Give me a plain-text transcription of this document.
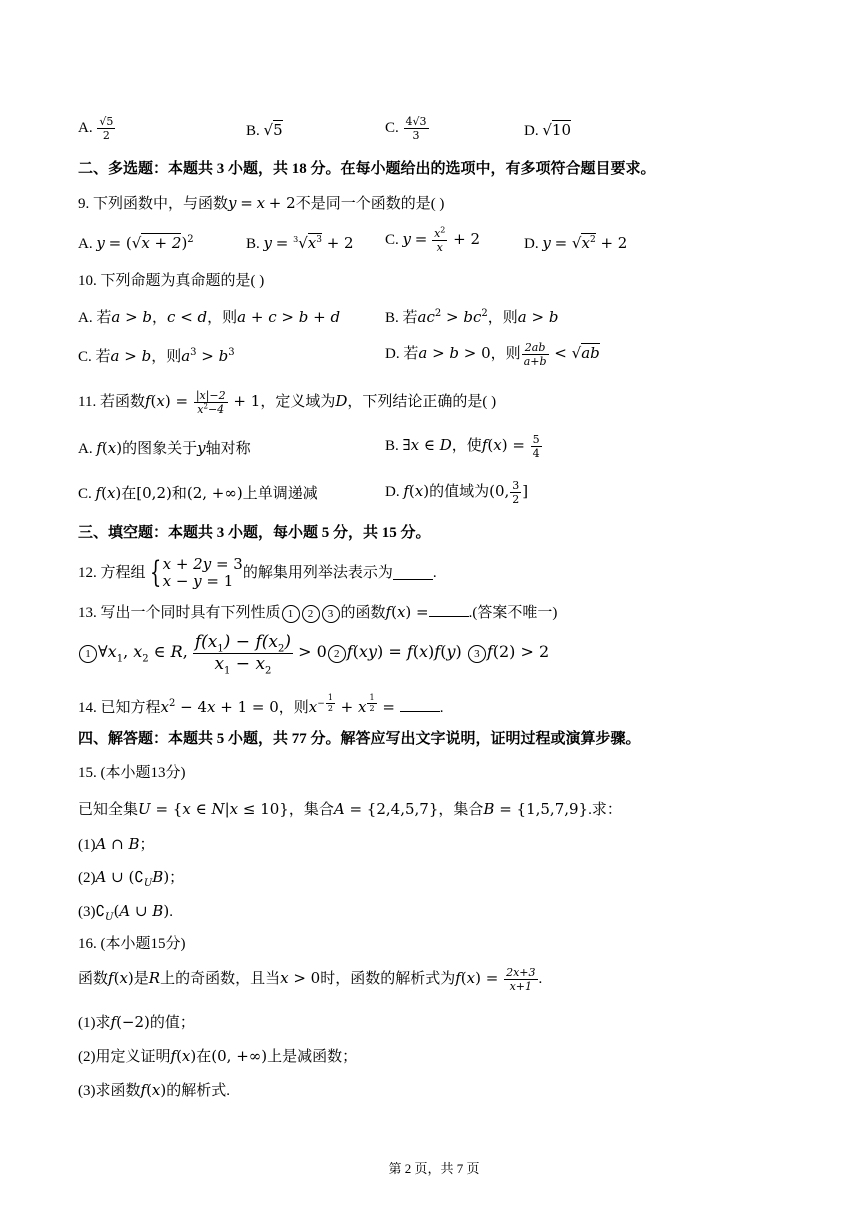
A. $\frac{√5}{2}$	B. √5	C. $\frac{4√3}{3}$	D. √10
二、多选题：本题共 3 小题，共 18 分。在每小题给出的选项中，有多项符合题目要求。
9. 下列函数中，与函数y = x + 2不是同一个函数的是( )
A. $y = (√x + 2)^2$	B. $y = ^3√x^3 + 2$ C. $y = \frac{x^2}{x} + 2$	D. $y = √x^2 + 2$
10. 下列命题为真命题的是( )
A. 若a > b，c < d，则a + c > b + d	B. 若$ac^2 > bc^2$，则a > b
C. 若a > b，则$a^3 > b^3$	D. 若a > b > 0，则 $\frac{2ab}{a+b} < √ab$
11. 若函数$f(x) = \frac{|x|-2}{x^2-4} + 1$，定义域为D，下列结论正确的是( )
A. f(x)的图象关于y轴对称	B. ∃x ∈ D，使$f(x) = \frac{5}{4}$
C. f(x)在[0,2)和(2, +∞)上单调递减	D. f(x)的值域为(0, $\frac{3}{2}$ ]
三、填空题：本题共 3 小题，每小题 5 分，共 15 分。
12. 方程组 { x + 2y = 3
x − y = 1 的解集用列举法表示为	.
13. 写出一个同时具有下列性质 1 2 3 的函数f(x) =	.(答案不唯一)
1 $\forall x_1$, $x_2$ ∈ R, $\frac{f(x_1) - f(x_2)}{x_1 - x_2} > 0$ 2 f(xy) = f(x)f(y) 3 f(2) > 2
14. 已知方程$x^2 - 4x + 1 = 0$，则$x^{- \frac{1}{2}} + x$ $^{\frac{1}{2}}$ =	.
四、解答题：本题共 5 小题，共 77 分。解答应写出文字说明，证明过程或演算步骤。
15. (本小题13分)
已知全集U = {x ∈ N|x ≤ 10}，集合A = {2,4,5,7}，集合B = {1,5,7,9}.求：
(1)A ∩ B；
(2)A ∪ $(∁_UB)$；
$(3)∁_U(A$ ∪ B).
16. (本小题15分)
函数f(x)是R上的奇函数，且当x > 0时，函数的解析式为$f(x) = \frac{2x+3}{x+1}$ .
(1)求f(−2)的值；
(2)用定义证明f(x)在(0, +∞)上是减函数；
(3)求函数f(x)的解析式.
第 2 页，共 7 页
